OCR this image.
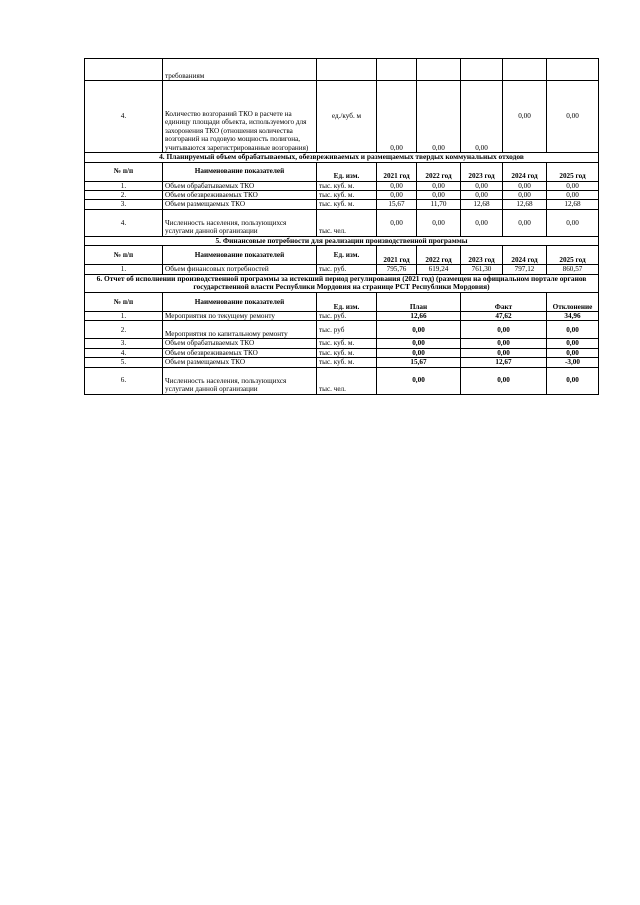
	требованиям						
4.	Количество возгораний ТКО в расчете на единицу площади объекта, используемого для захоронения ТКО (отношения количества возгораний на годовую мощность полигона, учитываются зарегистрированные возгорания)	ед./куб. м	0,00	0,00	0,00	0,00	0,00
4. Планируемый объем обрабатываемых, обезвреживаемых и размещаемых твердых коммунальных отходов							
№ п/п	Наименование показателей	Ед. изм.	2021 год	2022 год	2023 год	2024 год	2025 год
1.	Объем обрабатываемых ТКО	тыс. куб. м.	0,00	0,00	0,00	0,00	0,00
2.	Объем обезвреживаемых ТКО	тыс. куб. м.	0,00	0,00	0,00	0,00	0,00
3.	Объем размещаемых ТКО	тыс. куб. м.	15,67	11,70	12,68	12,68	12,68
4.	Численность населения, пользующихся услугами данной организации	тыс. чел.	0,00	0,00	0,00	0,00	0,00
5. Финансовые потребности для реализации производственной программы							
№ п/п	Наименование показателей	Ед. изм.	2021 год	2022 год	2023 год	2024 год	2025 год
1.	Объем финансовых потребностей	тыс. руб.	795,76	619,24	761,30	797,12	860,57
6. Отчет об исполнении производственной программы за истекший период регулирования (2021 год) (размещен на официальном портале органов государственной власти Республики Мордовия на странице РСТ Республики Мордовия)							
№ п/п	Наименование показателей	Ед. изм.	План		Факт		Отклонение
1.	Мероприятия по текущему ремонту	тыс. руб.	12,66		47,62		34,96
2.	Мероприятия по капитальному ремонту	тыс. руб	0,00		0,00		0,00
3.	Объем обрабатываемых ТКО	тыс. куб. м.	0,00		0,00		0,00
4.	Объем обезвреживаемых ТКО	тыс. куб. м.	0,00		0,00		0,00
5.	Объем размещаемых ТКО	тыс. куб. м.	15,67		12,67		-3,00
6.	Численность населения, пользующихся услугами данной организации	тыс. чел.	0,00		0,00		0,00
